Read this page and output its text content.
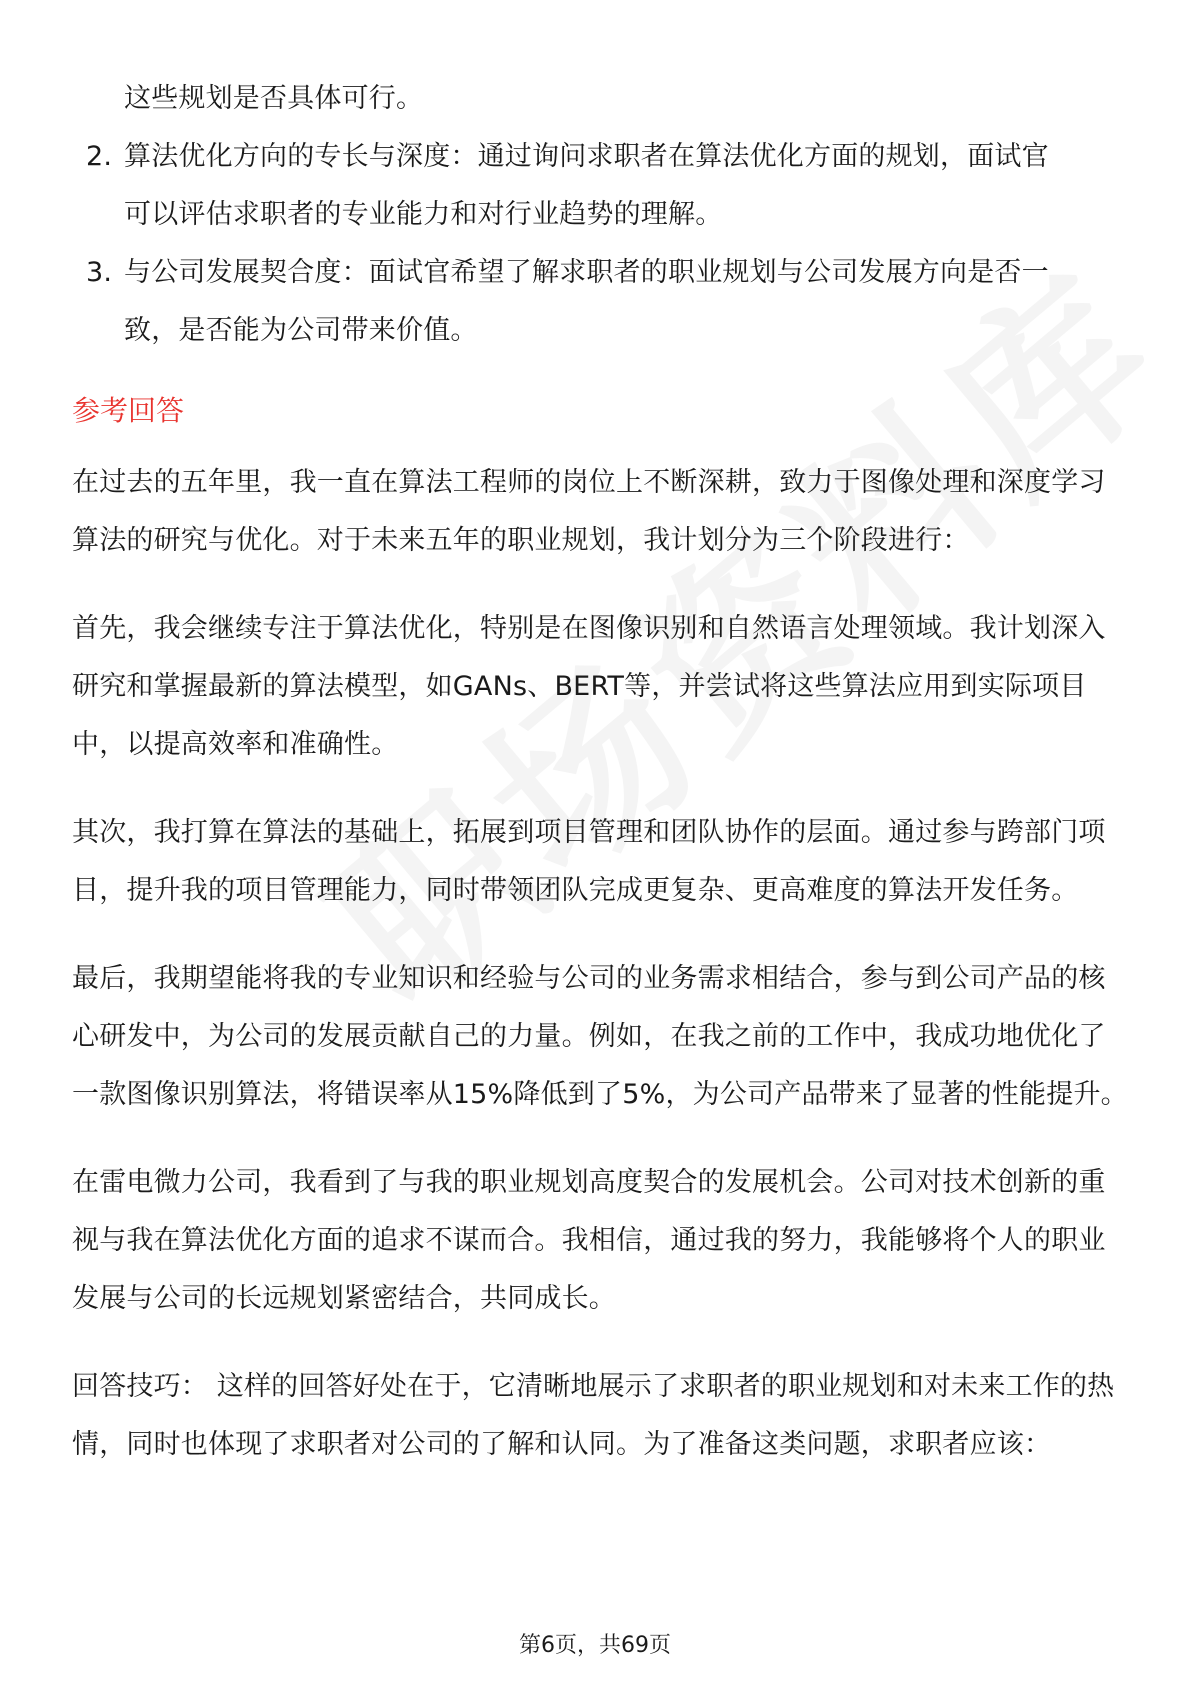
这些规划是否具体可行。

2. 算法优化方向的专长与深度：通过询问求职者在算法优化方面的规划，面试官

可以评估求职者的专业能力和对行业趋势的理解。

3. 与公司发展契合度：面试官希望了解求职者的职业规划与公司发展方向是否一

致，是否能为公司带来价值。

参考回答

在过去的五年里，我一直在算法工程师的岗位上不断深耕，致力于图像处理和深度学习算法的研究与优化。对于未来五年的职业规划，我计划分为三个阶段进行：

首先，我会继续专注于算法优化，特别是在图像识别和自然语言处理领域。我计划深入研究和掌握最新的算法模型，如GANs、BERT等，并尝试将这些算法应用到实际项目中，以提高效率和准确性。

其次，我打算在算法的基础上，拓展到项目管理和团队协作的层面。通过参与跨部门项目，提升我的项目管理能力，同时带领团队完成更复杂、更高难度的算法开发任务。

最后，我期望能将我的专业知识和经验与公司的业务需求相结合，参与到公司产品的核心研发中，为公司的发展贡献自己的力量。例如，在我之前的工作中，我成功地优化了一款图像识别算法，将错误率从15%降低到了5%，为公司产品带来了显著的性能提升。

在雷电微力公司，我看到了与我的职业规划高度契合的发展机会。公司对技术创新的重视与我在算法优化方面的追求不谋而合。我相信，通过我的努力，我能够将个人的职业发展与公司的长远规划紧密结合，共同成长。

回答技巧： 这样的回答好处在于，它清晰地展示了求职者的职业规划和对未来工作的热情，同时也体现了求职者对公司的了解和认同。为了准备这类问题，求职者应该：

第6页，共69页
